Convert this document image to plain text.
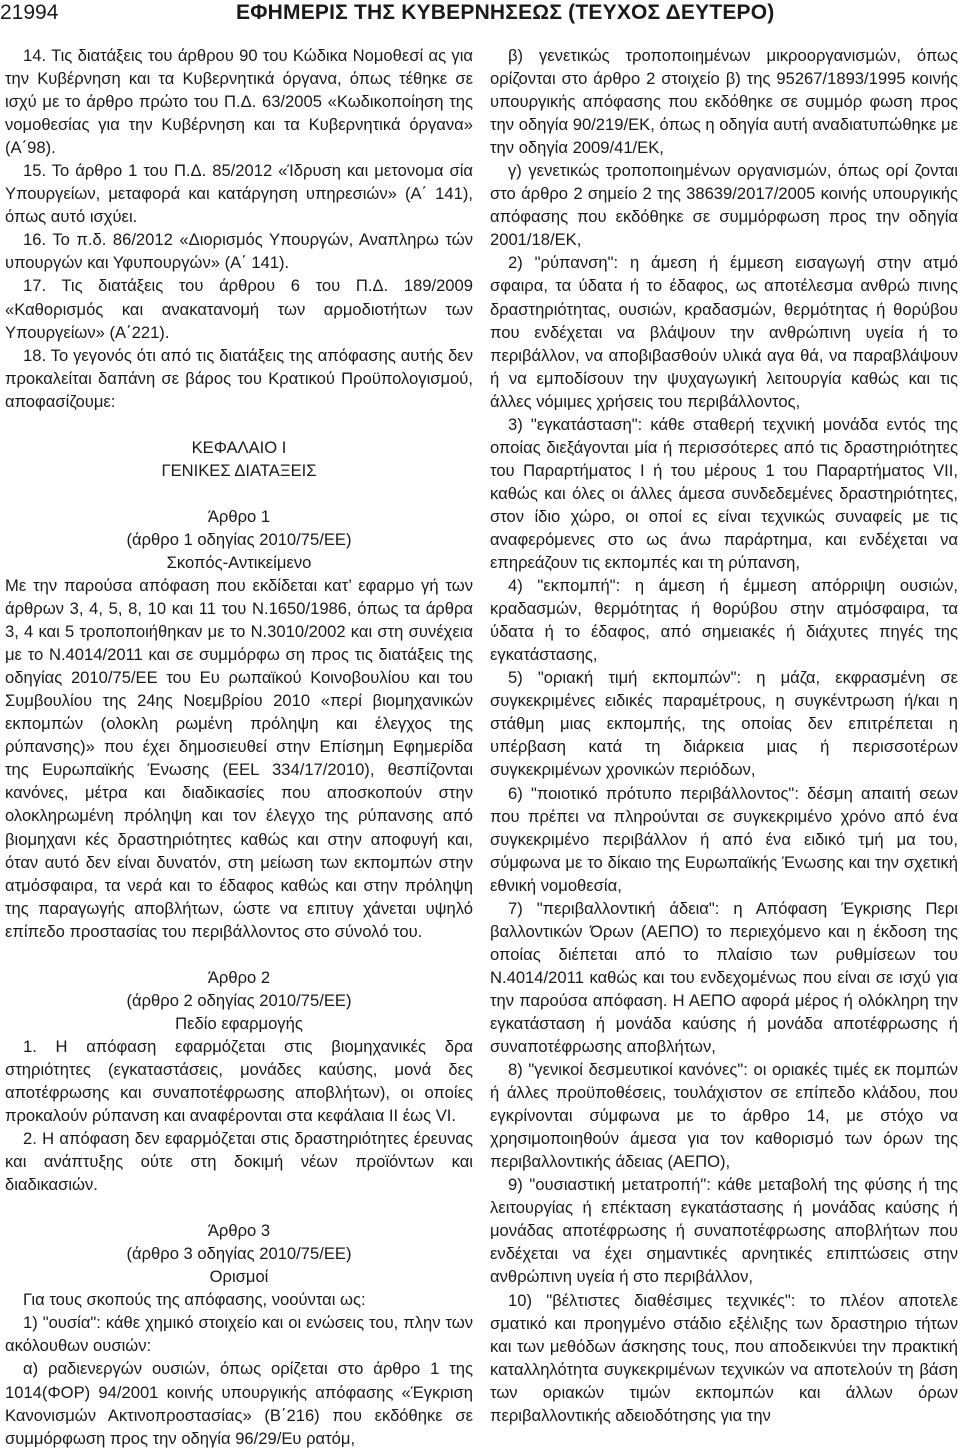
21994	ΕΦΗΜΕΡΙΣ ΤΗΣ ΚΥΒΕΡΝΗΣΕΩΣ (ΤΕΥΧΟΣ ΔΕΥΤΕΡΟ)

14. Τις διατάξεις του άρθρου 90 του Κώδικα Νομοθεσί ας για την Κυβέρνηση και τα Κυβερνητικά όργανα, όπως τέθηκε σε ισχύ με το άρθρο πρώτο του Π.Δ. 63/2005 «Κωδικοποίηση της νομοθεσίας για την Κυβέρνηση και τα Κυβερνητικά όργανα» (Α΄98).

15. Το άρθρο 1 του Π.Δ. 85/2012 «Ίδρυση και μετονομα σία Υπουργείων, μεταφορά και κατάργηση υπηρεσιών» (Α΄ 141), όπως αυτό ισχύει.

16. Το π.δ. 86/2012 «Διορισμός Υπουργών, Αναπληρω τών υπουργών και Υφυπουργών» (Α΄ 141).

17. Τις διατάξεις του άρθρου 6 του Π.Δ. 189/2009 «Καθορισμός και ανακατανομή των αρμοδιοτήτων των Υπουργείων» (Α΄221).

18. Το γεγονός ότι από τις διατάξεις της απόφασης αυτής δεν προκαλείται δαπάνη σε βάρος του Κρατικού Προϋπολογισμού, αποφασίζουμε:

ΚΕΦΑΛΑΙΟ Ι

ΓΕΝΙΚΕΣ ΔΙΑΤΑΞΕΙΣ

Άρθρο 1

(άρθρο 1 οδηγίας 2010/75/ΕΕ)

Σκοπός-Αντικείμενο

Με την παρούσα απόφαση που εκδίδεται κατ’ εφαρμο γή των άρθρων 3, 4, 5, 8, 10 και 11 του Ν.1650/1986, όπως τα άρθρα 3, 4 και 5 τροποποιήθηκαν με το Ν.3010/2002 και στη συνέχεια με το Ν.4014/2011 και σε συμμόρφω ση προς τις διατάξεις της οδηγίας 2010/75/ΕΕ του Ευ ρωπαϊκού Κοινοβουλίου και του Συμβουλίου της 24ης Νοεμβρίου 2010 «περί βιομηχανικών εκπομπών (ολοκλη ρωμένη πρόληψη και έλεγχος της ρύπανσης)» που έχει δημοσιευθεί στην Επίσημη Εφημερίδα της Ευρωπαϊκής Ένωσης (EEL 334/17/2010), θεσπίζονται κανόνες, μέτρα και διαδικασίες που αποσκοπούν στην ολοκληρωμένη πρόληψη και τον έλεγχο της ρύπανσης από βιομηχανι κές δραστηριότητες καθώς και στην αποφυγή και, όταν αυτό δεν είναι δυνατόν, στη μείωση των εκπομπών στην ατμόσφαιρα, τα νερά και το έδαφος καθώς και στην πρόληψη της παραγωγής αποβλήτων, ώστε να επιτυγ χάνεται υψηλό επίπεδο προστασίας του περιβάλλοντος στο σύνολό του.

Άρθρο 2

(άρθρο 2 οδηγίας 2010/75/ΕΕ)

Πεδίο εφαρμογής

1. Η απόφαση εφαρμόζεται στις βιομηχανικές δρα στηριότητες (εγκαταστάσεις, μονάδες καύσης, μονά δες αποτέφρωσης και συναποτέφρωσης αποβλήτων), οι οποίες προκαλούν ρύπανση και αναφέρονται στα κεφάλαια ΙΙ έως VI.

2. Η απόφαση δεν εφαρμόζεται στις δραστηριότητες έρευνας και ανάπτυξης ούτε στη δοκιμή νέων προϊόντων και διαδικασιών.

Άρθρο 3

(άρθρο 3 οδηγίας 2010/75/ΕΕ)

Ορισμοί

Για τους σκοπούς της απόφασης, νοούνται ως:

1) "ουσία": κάθε χημικό στοιχείο και οι ενώσεις του, πλην των ακόλουθων ουσιών:

α) ραδιενεργών ουσιών, όπως ορίζεται στο άρθρο 1 της 1014(ΦΟΡ) 94/2001 κοινής υπουργικής απόφασης «Έγκριση Κανονισμών Ακτινοπροστασίας» (Β΄216) που εκδόθηκε σε συμμόρφωση προς την οδηγία 96/29/Ευ ρατόμ,

β) γενετικώς τροποποιημένων μικροοργανισμών, όπως ορίζονται στο άρθρο 2 στοιχείο β) της 95267/1893/1995 κοινής υπουργικής απόφασης που εκδόθηκε σε συμμόρ φωση προς την οδηγία 90/219/ΕΚ, όπως η οδηγία αυτή αναδιατυπώθηκε με την οδηγία 2009/41/ΕΚ,

γ) γενετικώς τροποποιημένων οργανισμών, όπως ορί ζονται στο άρθρο 2 σημείο 2 της 38639/2017/2005 κοινής υπουργικής απόφασης που εκδόθηκε σε συμμόρφωση προς την οδηγία 2001/18/ΕΚ,

2) "ρύπανση": η άμεση ή έμμεση εισαγωγή στην ατμό σφαιρα, τα ύδατα ή το έδαφος, ως αποτέλεσμα ανθρώ πινης δραστηριότητας, ουσιών, κραδασμών, θερμότητας ή θορύβου που ενδέχεται να βλάψουν την ανθρώπινη υγεία ή το περιβάλλον, να αποβιβασθούν υλικά αγα θά, να παραβλάψουν ή να εμποδίσουν την ψυχαγωγική λειτουργία καθώς και τις άλλες νόμιμες χρήσεις του περιβάλλοντος,

3) "εγκατάσταση": κάθε σταθερή τεχνική μονάδα εντός της οποίας διεξάγονται μία ή περισσότερες από τις δραστηριότητες του Παραρτήματος Ι ή του μέρους 1 του Παραρτήματος VII, καθώς και όλες οι άλλες άμεσα συνδεδεμένες δραστηριότητες, στον ίδιο χώρο, οι οποί ες είναι τεχνικώς συναφείς με τις αναφερόμενες στο ως άνω παράρτημα, και ενδέχεται να επηρεάζουν τις εκπομπές και τη ρύπανση,

4) "εκπομπή": η άμεση ή έμμεση απόρριψη ουσιών, κραδασμών, θερμότητας ή θορύβου στην ατμόσφαιρα, τα ύδατα ή το έδαφος, από σημειακές ή διάχυτες πηγές της εγκατάστασης,

5) "οριακή τιμή εκπομπών": η μάζα, εκφρασμένη σε συγκεκριμένες ειδικές παραμέτρους, η συγκέντρωση ή/και η στάθμη μιας εκπομπής, της οποίας δεν επιτρέπεται η υπέρβαση κατά τη διάρκεια μιας ή περισσοτέρων συγκεκριμένων χρονικών περιόδων,

6) "ποιοτικό πρότυπο περιβάλλοντος": δέσμη απαιτή σεων που πρέπει να πληρούνται σε συγκεκριμένο χρόνο από ένα συγκεκριμένο περιβάλλον ή από ένα ειδικό τμή μα του, σύμφωνα με το δίκαιο της Ευρωπαϊκής Ένωσης και την σχετική εθνική νομοθεσία,

7) "περιβαλλοντική άδεια": η Απόφαση Έγκρισης Περι βαλλοντικών Όρων (ΑΕΠΟ) το περιεχόμενο και η έκδοση της οποίας διέπεται από το πλαίσιο των ρυθμίσεων του Ν.4014/2011 καθώς και του ενδεχομένως που είναι σε ισχύ για την παρούσα απόφαση. Η ΑΕΠΟ αφορά μέρος ή ολόκληρη την εγκατάσταση ή μονάδα καύσης ή μονάδα αποτέφρωσης ή συναποτέφρωσης αποβλήτων,

8) "γενικοί δεσμευτικοί κανόνες": οι οριακές τιμές εκ πομπών ή άλλες προϋποθέσεις, τουλάχιστον σε επίπεδο κλάδου, που εγκρίνονται σύμφωνα με το άρθρο 14, με στόχο να χρησιμοποιηθούν άμεσα για τον καθορισμό των όρων της περιβαλλοντικής άδειας (ΑΕΠΟ),

9) "ουσιαστική μετατροπή": κάθε μεταβολή της φύσης ή της λειτουργίας ή επέκταση εγκατάστασης ή μονάδας καύσης ή μονάδας αποτέφρωσης ή συναποτέφρωσης αποβλήτων που ενδέχεται να έχει σημαντικές αρνητικές επιπτώσεις στην ανθρώπινη υγεία ή στο περιβάλλον,

10) "βέλτιστες διαθέσιμες τεχνικές": το πλέον αποτελε σματικό και προηγμένο στάδιο εξέλιξης των δραστηριο τήτων και των μεθόδων άσκησης τους, που αποδεικνύει την πρακτική καταλληλότητα συγκεκριμένων τεχνικών να αποτελούν τη βάση των οριακών τιμών εκπομπών και άλλων όρων περιβαλλοντικής αδειοδότησης για την
